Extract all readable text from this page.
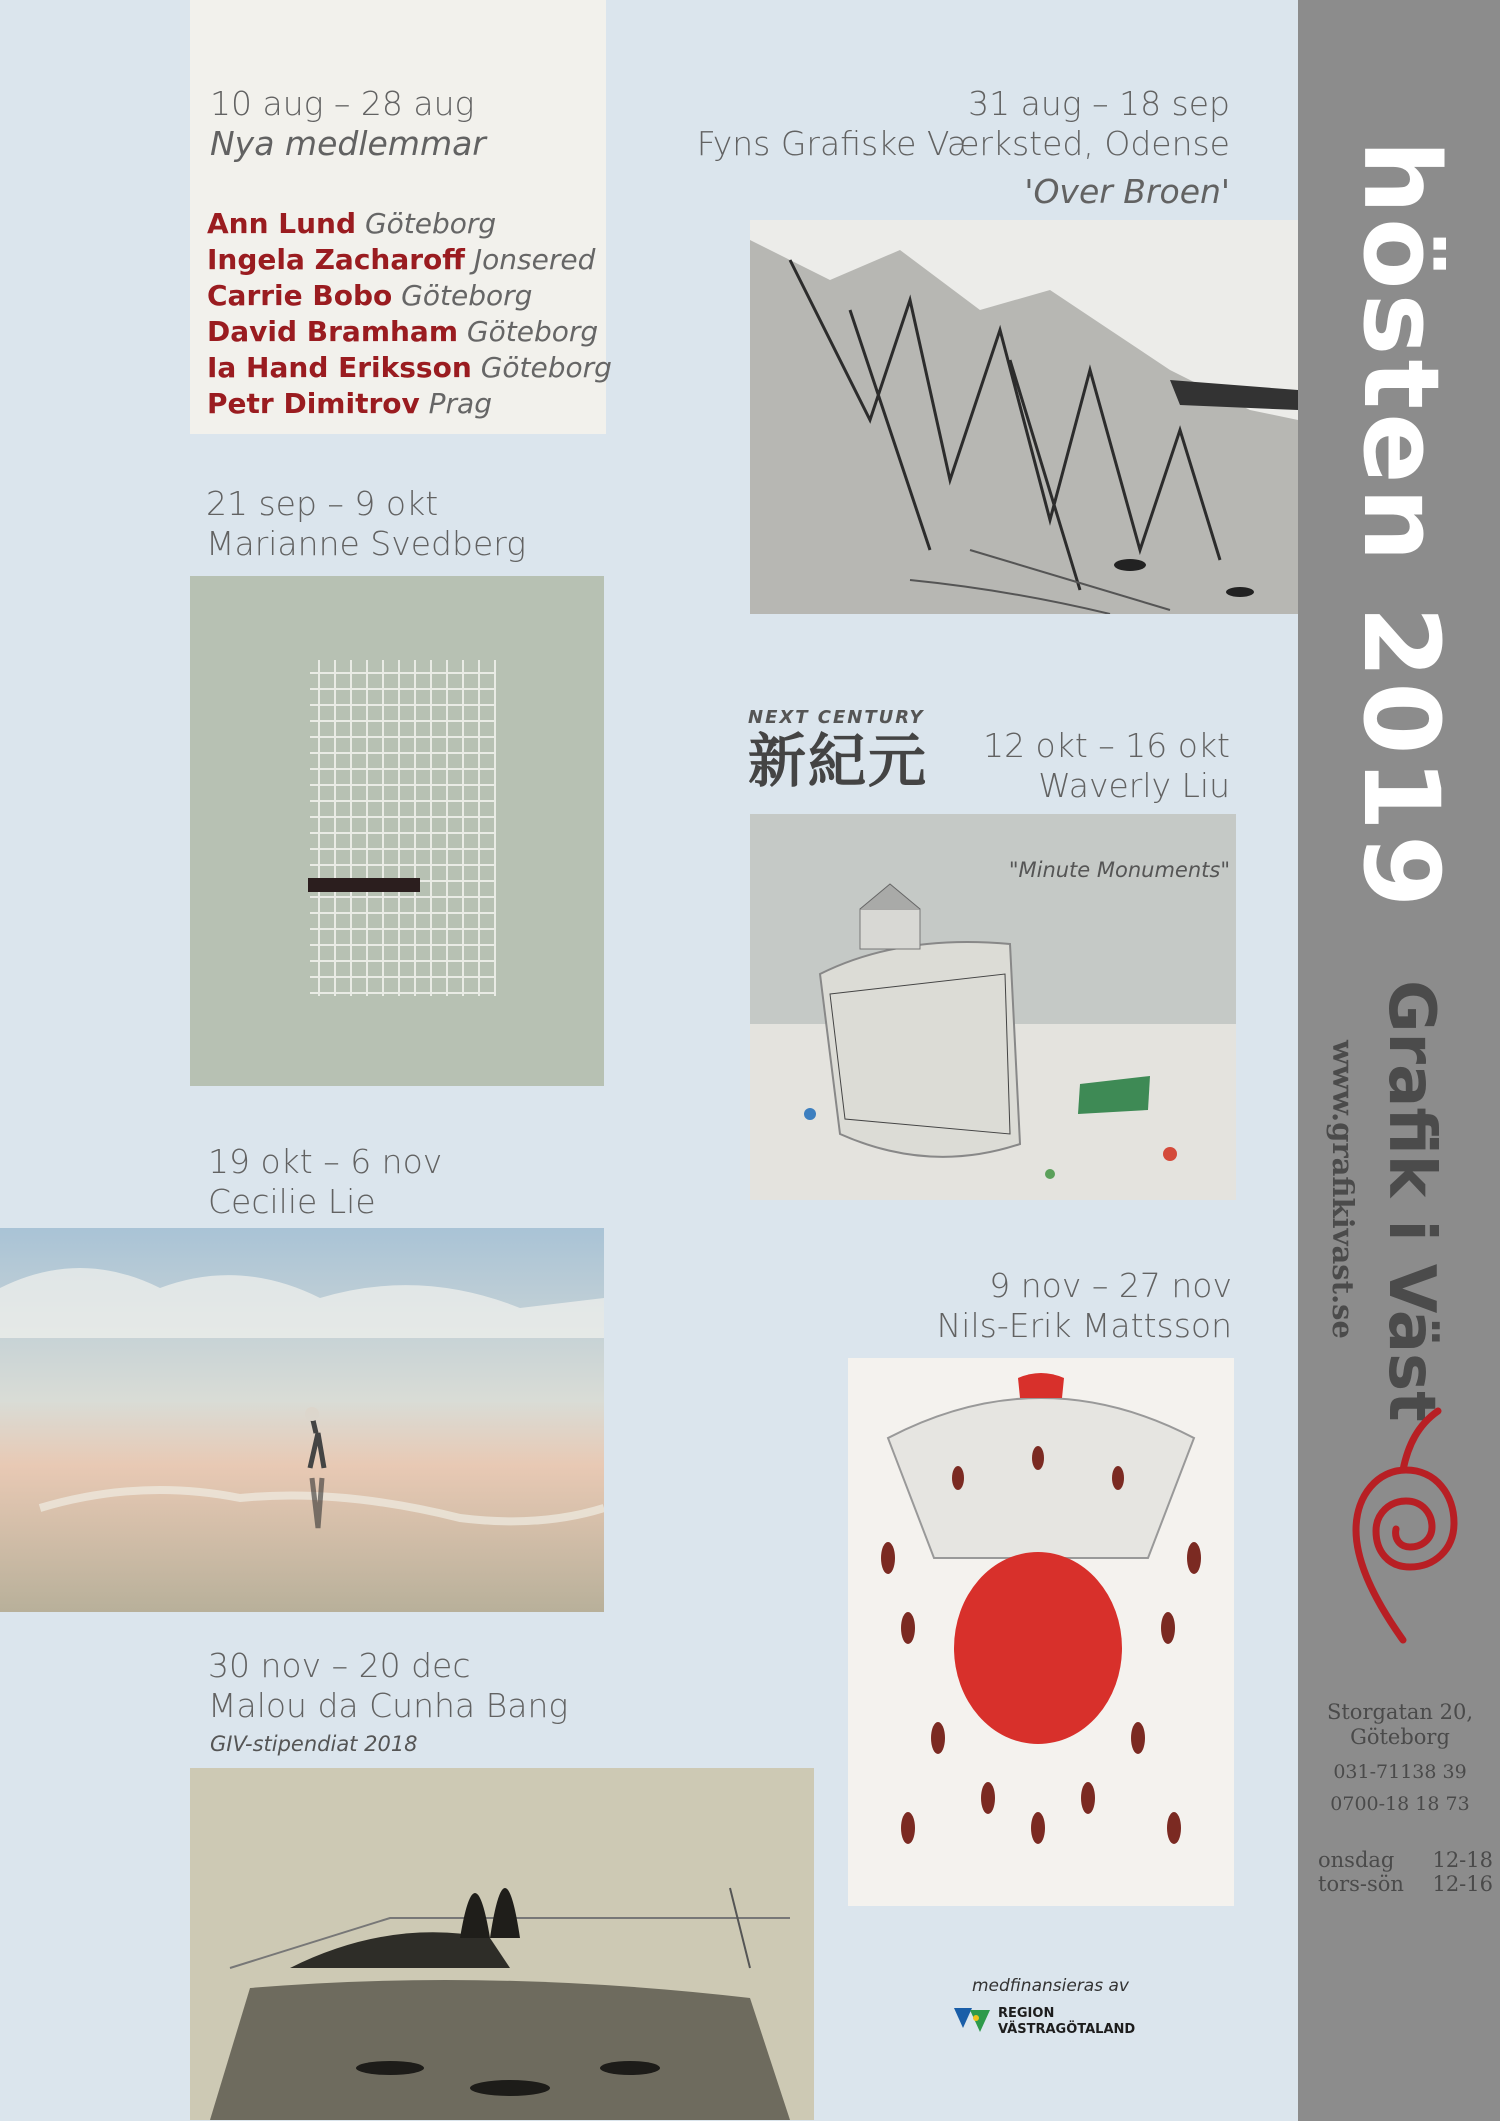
hösten 2019
Grafik i Väst
www.grafikivast.se
Storgatan 20,
Göteborg
031-71138 39
0700-18 18 73
onsdag 12-18
tors-sön 12-16
10 aug – 28 aug
Nya medlemmar
Ann Lund Göteborg
Ingela Zacharoff Jonsered
Carrie Bobo Göteborg
David Bramham Göteborg
Ia Hand Eriksson Göteborg
Petr Dimitrov Prag
31 aug – 18 sep
Fyns Grafiske Værksted, Odense
'Over Broen'
21 sep – 9 okt
Marianne Svedberg
NEXT CENTURY
新紀元	12 okt – 16 okt
Waverly Liu
"Minute Monuments"
19 okt – 6 nov
Cecilie Lie
9 nov – 27 nov
Nils-Erik Mattsson
30 nov – 20 dec
Malou da Cunha Bang
GIV-stipendiat 2018
medfinansieras av
REGION
VÄSTRAGÖTALAND
